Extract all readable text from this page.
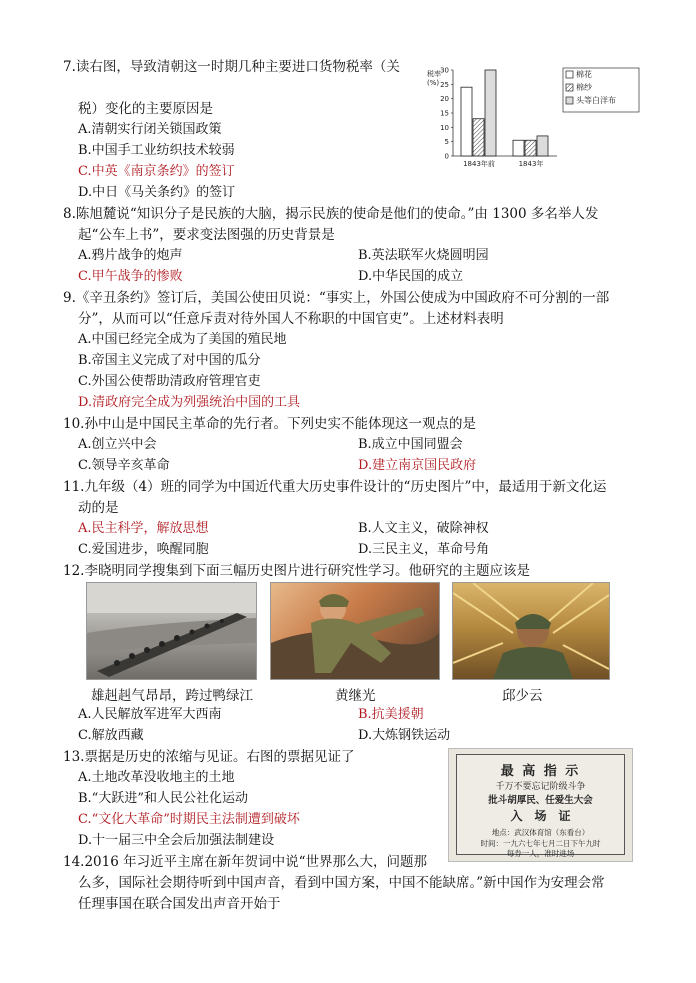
7.读右图，导致清朝这一时期几种主要进口货物税率（关
税）变化的主要原因是
A.清朝实行闭关锁国政策
B.中国手工业纺织技术较弱
C.中英《南京条约》的签订
D.中日《马关条约》的签订
税率(%)
0
5
10
15
20
25
30
1843年前	1843年
棉花
棉纱
头等白洋布
8.陈旭麓说“知识分子是民族的大脑，揭示民族的使命是他们的使命。”由 1300 多名举人发
起“公车上书”，要求变法图强的历史背景是
A.鸦片战争的炮声	B.英法联军火烧圆明园
C.甲午战争的惨败	D.中华民国的成立
9.《辛丑条约》签订后，美国公使田贝说：“事实上，外国公使成为中国政府不可分割的一部
分”，从而可以“任意斥责对待外国人不称职的中国官吏”。上述材料表明
A.中国已经完全成为了美国的殖民地
B.帝国主义完成了对中国的瓜分
C.外国公使帮助清政府管理官吏
D.清政府完全成为列强统治中国的工具
10.孙中山是中国民主革命的先行者。下列史实不能体现这一观点的是
A.创立兴中会	B.成立中国同盟会
C.领导辛亥革命	D.建立南京国民政府
11.九年级（4）班的同学为中国近代重大历史事件设计的“历史图片”中，最适用于新文化运
动的是
A.民主科学，解放思想	B.人文主义，破除神权
C.爱国进步，唤醒同胞	D.三民主义，革命号角
12.李晓明同学搜集到下面三幅历史图片进行研究性学习。他研究的主题应该是
雄赳赳气昂昂，跨过鸭绿江	黄继光	邱少云
A.人民解放军进军大西南	B.抗美援朝
C.解放西藏	D.大炼钢铁运动
13.票据是历史的浓缩与见证。右图的票据见证了
A.土地改革没收地主的土地
B.“大跃进”和人民公社化运动
C.“文化大革命”时期民主法制遭到破坏
D.十一届三中全会后加强法制建设
最 高 指 示
千万不要忘记阶级斗争
批斗胡厚民、任爱生大会
入　场　证
地点：武汉体育馆（东看台）
时间：一九六七年七月二日下午九时
每券一人，准时进场
14.2016 年习近平主席在新年贺词中说“世界那么大，问题那
么多，国际社会期待听到中国声音，看到中国方案，中国不能缺席。”新中国作为安理会常
任理事国在联合国发出声音开始于
